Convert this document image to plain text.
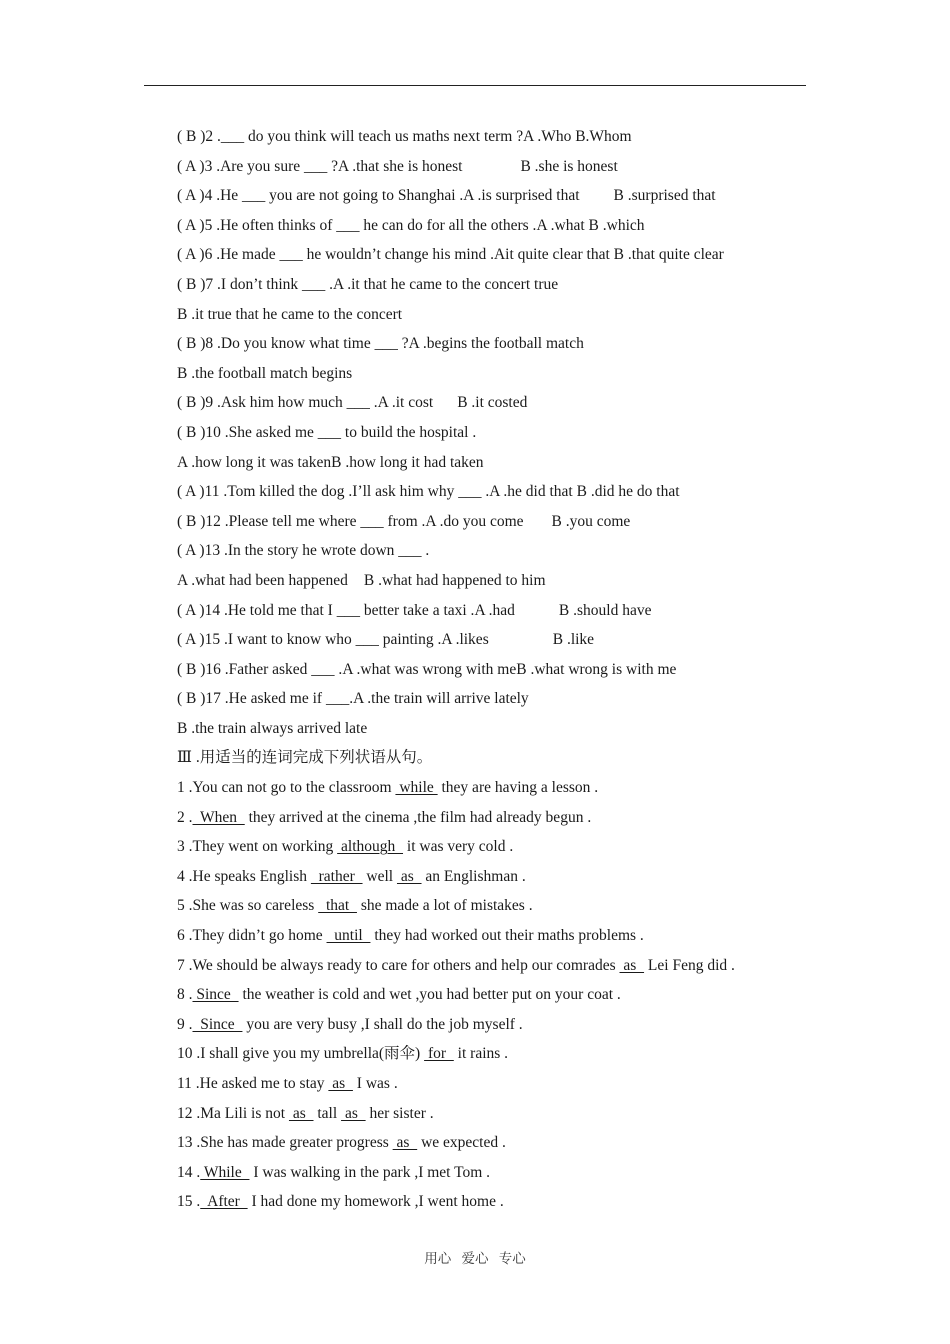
( B )2 .___ do you think will teach us maths next term ?A .Who B.Whom
( A )3 .Are you sure ___ ?A .that she is honest	B .she is honest
( A )4 .He ___ you are not going to Shanghai .A .is surprised that B .surprised that
( A )5 .He often thinks of ___ he can do for all the others .A .what B .which
( A )6 .He made ___ he wouldn’t change his mind .Ait quite clear that B .that quite clear
( B )7 .I don’t think ___ .A .it that he came to the concert true
B .it true that he came to the concert
( B )8 .Do you know what time ___ ?A .begins the football match
B .the football match begins
( B )9 .Ask him how much ___ .A .it cost B .it costed
( B )10 .She asked me ___ to build the hospital .
A .how long it was takenB .how long it had taken
( A )11 .Tom killed the dog .I’ll ask him why ___ .A .he did that B .did he do that
( B )12 .Please tell me where ___ from .A .do you come B .you come
( A )13 .In the story he wrote down ___ .
A .what had been happened B .what had happened to him
( A )14 .He told me that I ___ better take a taxi .A .had	B .should have
( A )15 .I want to know who ___ painting .A .likes	B .like
( B )16 .Father asked ___ .A .what was wrong with meB .what wrong is with me
( B )17 .He asked me if ___.A .the train will arrive lately
B .the train always arrived late
Ⅲ .用适当的连词完成下列状语从句。
1 .You can not go to the classroom  while  they are having a lesson .
2 .  When   they arrived at the cinema ,the film had already begun .
3 .They went on working  although   it was very cold .
4 .He speaks English   rather   well  as   an Englishman .
5 .She was so careless   that   she made a lot of mistakes .
6 .They didn’t go home   until   they had worked out their maths problems .
7 .We should be always ready to care for others and help our comrades  as   Lei Feng did .
8 . Since   the weather is cold and wet ,you had better put on your coat .
9 .  Since   you are very busy ,I shall do the job myself .
10 .I shall give you my umbrella(雨伞)  for   it rains .
11 .He asked me to stay  as   I was .
12 .Ma Lili is not  as   tall  as   her sister .
13 .She has made greater progress  as   we expected .
14 . While   I was walking in the park ,I met Tom .
15 .  After   I had done my homework ,I went home .
用心 爱心 专心
